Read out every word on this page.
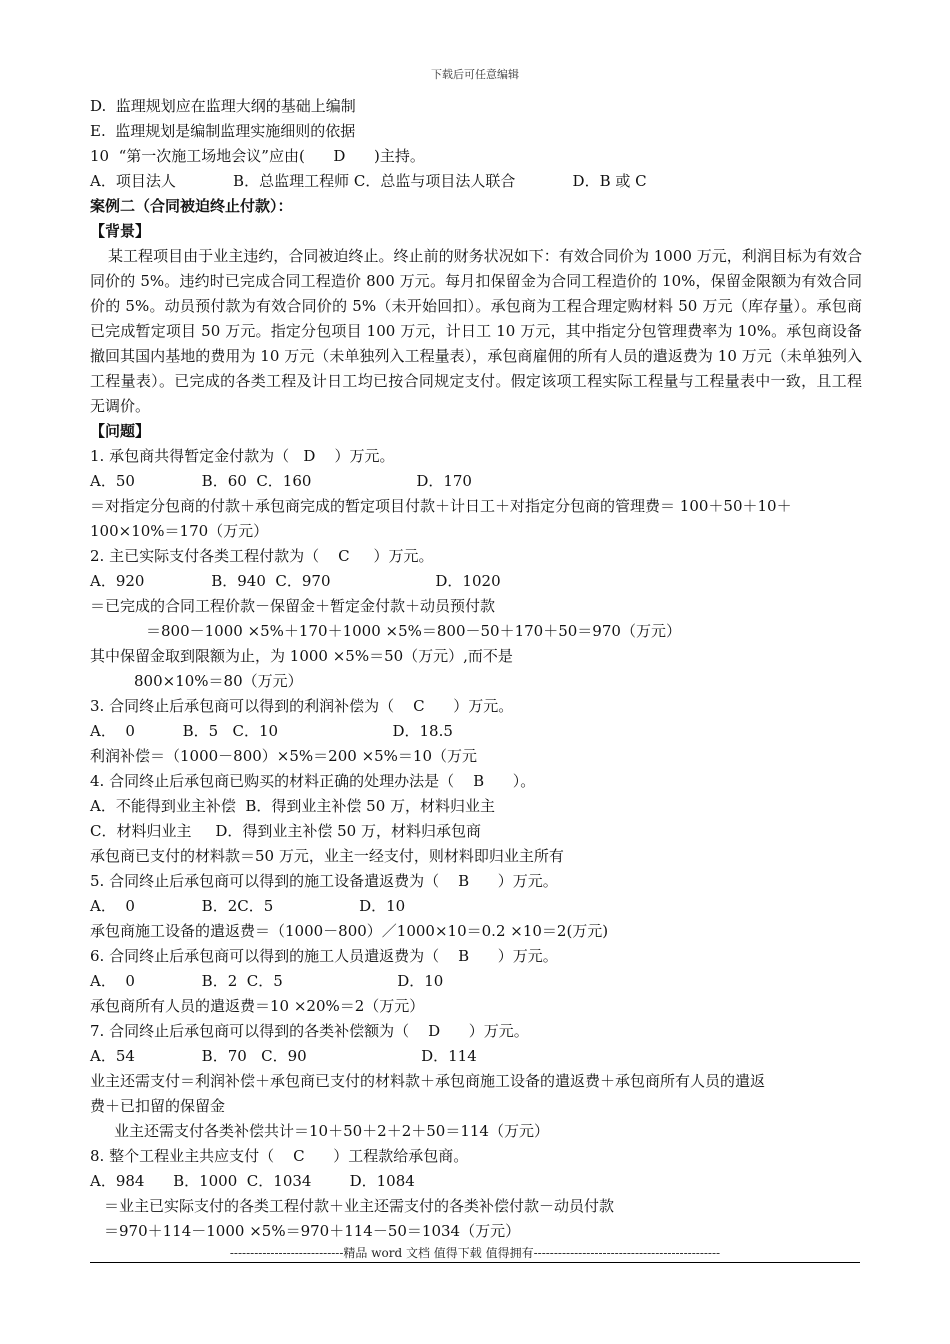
下载后可任意编辑
D.  监理规划应在监理大纲的基础上编制
E.  监理规划是编制监理实施细则的依据
10  “第一次施工场地会议”应由(      D      )主持。
A．项目法人            B．总监理工程师 C．总监与项目法人联合            D．B 或 C
案例二（合同被迫终止付款）：
【背景】

某工程项目由于业主违约，合同被迫终止。终止前的财务状况如下：有效合同价为 1000 万元，利润目标为有效合同价的 5%。违约时已完成合同工程造价 800 万元。每月扣保留金为合同工程造价的 10%，保留金限额为有效合同价的 5%。动员预付款为有效合同价的 5%（未开始回扣）。承包商为工程合理定购材料 50 万元（库存量）。承包商已完成暂定项目 50 万元。指定分包项目 100 万元，计日工 10 万元，其中指定分包管理费率为 10%。承包商设备撤回其国内基地的费用为 10 万元（未单独列入工程量表），承包商雇佣的所有人员的遣返费为 10 万元（未单独列入工程量表）。已完成的各类工程及计日工均已按合同规定支付。假定该项工程实际工程量与工程量表中一致，且工程无调价。

【问题】
1. 承包商共得暂定金付款为（   D    ）万元。
A．50              B．60  C．160                      D．170
＝对指定分包商的付款＋承包商完成的暂定项目付款＋计日工＋对指定分包商的管理费＝ 100＋50＋10＋
100×10%＝170（万元）
2. 主已实际支付各类工程付款为（    C     ）万元。
A．920              B．940  C．970                      D．1020
＝已完成的合同工程价款－保留金＋暂定金付款＋动员预付款
＝800－1000 ×5%＋170＋1000 ×5%＝800－50＋170＋50＝970（万元）
其中保留金取到限额为止，为 1000 ×5%＝50（万元）,而不是
800×10%＝80（万元）
3. 合同终止后承包商可以得到的利润补偿为（    C      ）万元。
A．  0          B．5   C．10                        D．18.5
利润补偿＝（1000－800）×5%＝200 ×5%＝10（万元
4. 合同终止后承包商已购买的材料正确的处理办法是（    B      ）。
A．不能得到业主补偿  B．得到业主补偿 50 万，材料归业主
C．材料归业主     D．得到业主补偿 50 万，材料归承包商
承包商已支付的材料款＝50 万元，业主一经支付，则材料即归业主所有
5. 合同终止后承包商可以得到的施工设备遣返费为（    B      ）万元。
A．  0              B．2C．5                  D．10
承包商施工设备的遣返费＝（1000－800）／1000×10＝0.2 ×10＝2(万元)
6. 合同终止后承包商可以得到的施工人员遣返费为（    B      ）万元。
A．  0              B．2  C．5                        D．10
承包商所有人员的遣返费＝10 ×20%＝2（万元）
7. 合同终止后承包商可以得到的各类补偿额为（    D      ）万元。
A．54              B．70   C．90                        D．114
业主还需支付＝利润补偿＋承包商已支付的材料款＋承包商施工设备的遣返费＋承包商所有人员的遣返
费＋已扣留的保留金
业主还需支付各类补偿共计＝10＋50＋2＋2＋50＝114（万元）
8. 整个工程业主共应支付（    C      ）工程款给承包商。
A．984      B．1000  C．1034        D．1084
＝业主已实际支付的各类工程付款＋业主还需支付的各类补偿付款－动员付款
＝970＋114－1000 ×5%＝970＋114－50＝1034（万元）
----------------------------精品 word 文档 值得下载 值得拥有----------------------------------------------
